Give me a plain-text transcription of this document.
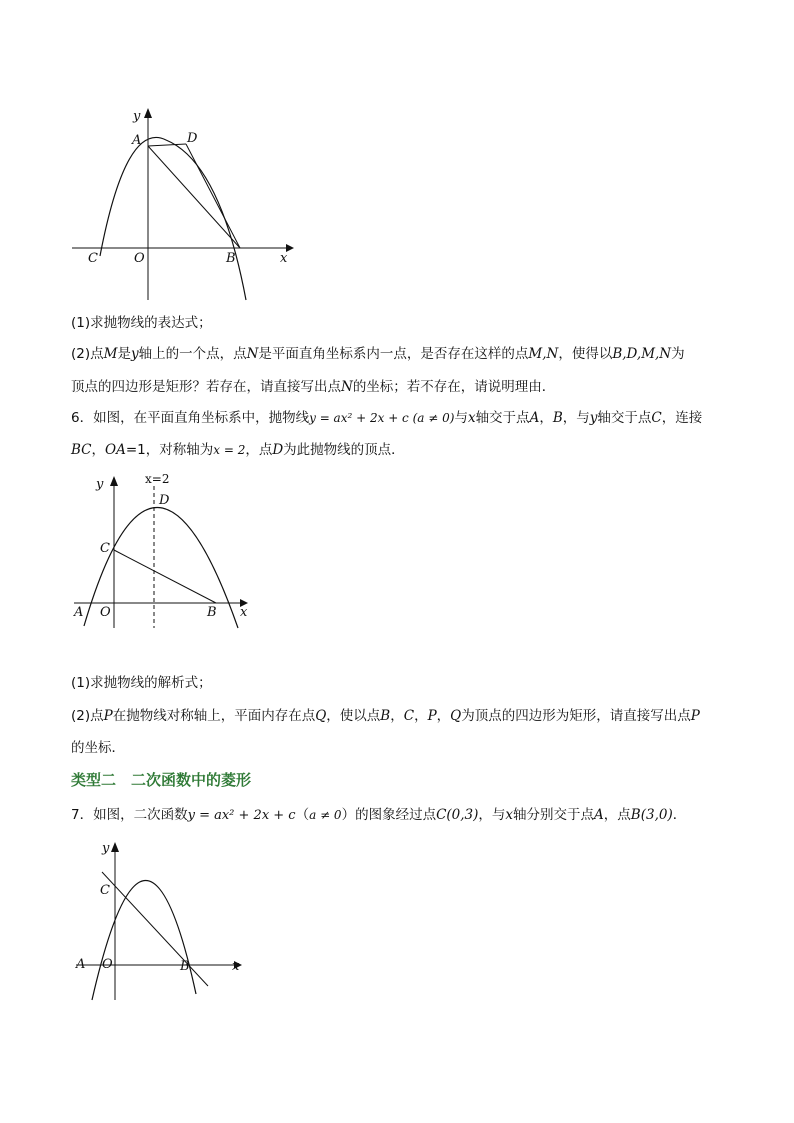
y
A	D
C	O	B	x
(1)求抛物线的表达式；
(2)点M是y轴上的一个点，点N是平面直角坐标系内一点，是否存在这样的点M,N，使得以B,D,M,N为
顶点的四边形是矩形？若存在，请直接写出点N的坐标；若不存在，请说明理由．
6．如图，在平面直角坐标系中，抛物线y = ax² + 2x + c (a ≠ 0)与x轴交于点A，B，与y轴交于点C，连接
BC，OA=1，对称轴为x = 2，点D为此抛物线的顶点．
y	x=2
D
C
A O	B x
(1)求抛物线的解析式；
(2)点P在抛物线对称轴上，平面内存在点Q，使以点B，C，P，Q为顶点的四边形为矩形，请直接写出点P
的坐标．
类型二　二次函数中的菱形
7．如图，二次函数y = ax² + 2x + c（a ≠ 0）的图象经过点C(0,3)，与x轴分别交于点A，点B(3,0)．
y
C
A O	B	x
